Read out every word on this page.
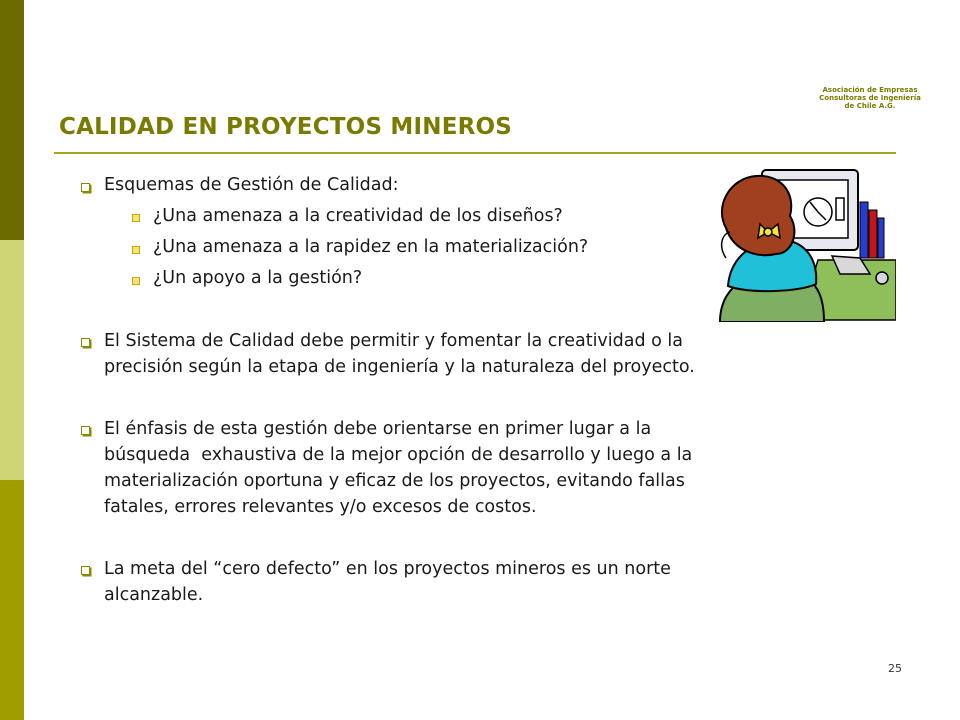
Asociación de Empresas
Consultoras de Ingeniería
de Chile A.G.
CALIDAD EN PROYECTOS MINEROS
Esquemas de Gestión de Calidad:
¿Una amenaza a la creatividad de los diseños?
¿Una amenaza a la rapidez en la materialización?
¿Un apoyo a la gestión?
El Sistema de Calidad debe permitir y fomentar la creatividad o la
precisión según la etapa de ingeniería y la naturaleza del proyecto.
El énfasis de esta gestión debe orientarse en primer lugar a la
búsqueda  exhaustiva de la mejor opción de desarrollo y luego a la
materialización oportuna y eficaz de los proyectos, evitando fallas
fatales, errores relevantes y/o excesos de costos.
La meta del “cero defecto” en los proyectos mineros es un norte
alcanzable.
25
